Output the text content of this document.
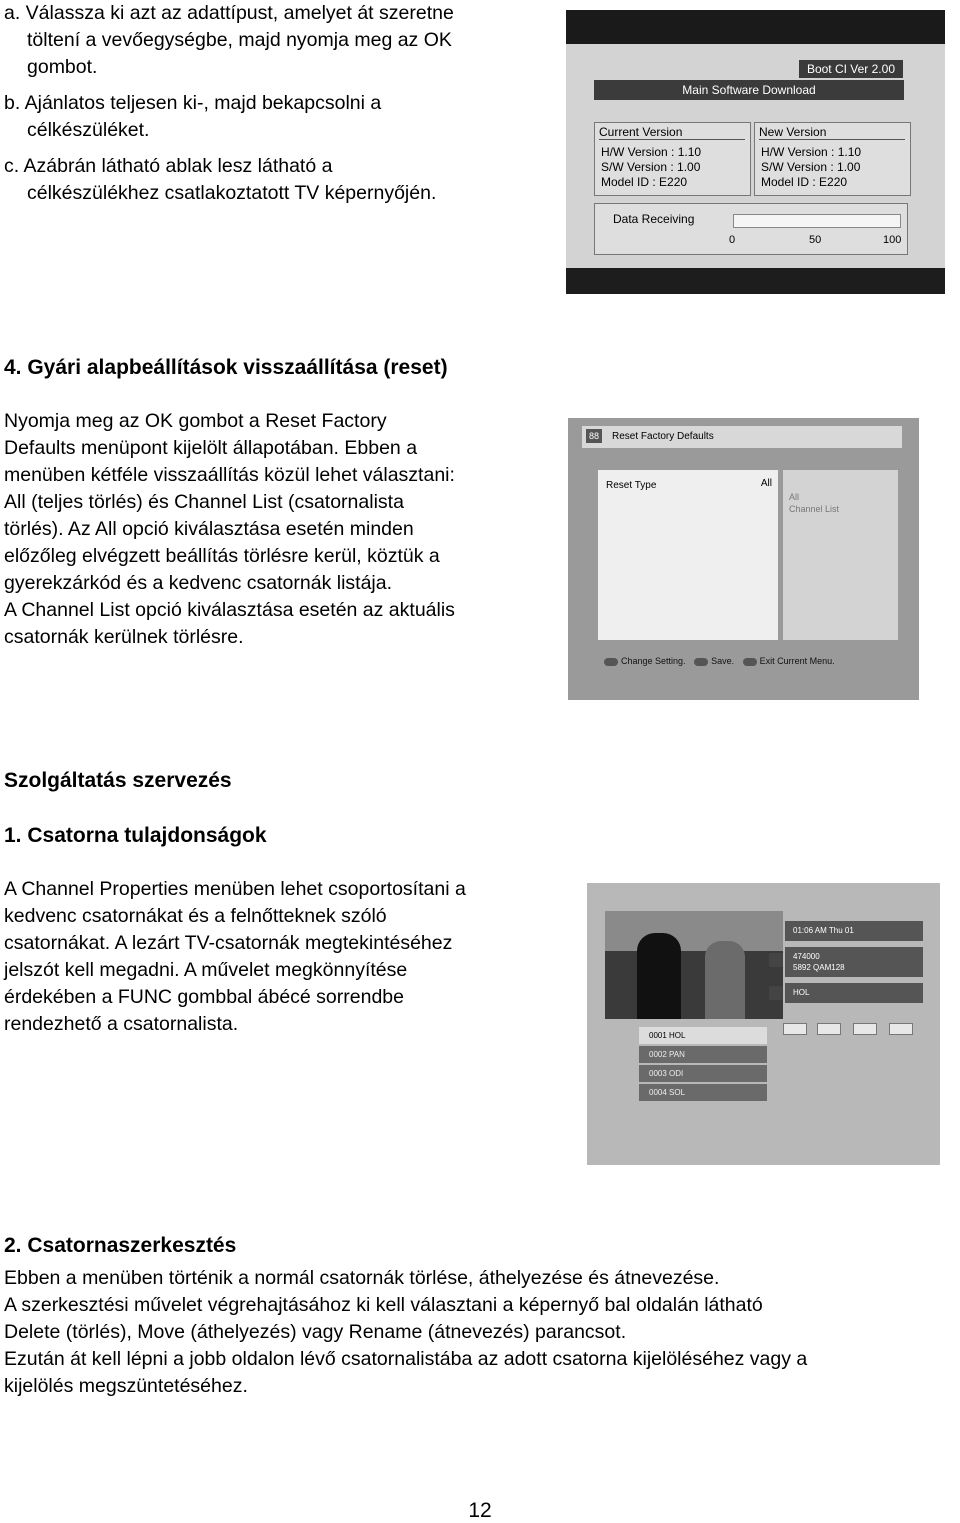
a. Válassza ki azt az adattípust, amelyet át szeretne
töltení a vevőegységbe, majd nyomja meg az OK
gombot.
b. Ajánlatos teljesen ki-, majd bekapcsolni a
célkészüléket.
c. Azábrán látható ablak lesz látható a
célkészülékhez csatlakoztatott TV képernyőjén.
Boot CI Ver 2.00
Main Software Download
Current Version
H/W Version : 1.10
S/W Version : 1.00
Model ID : E220
New Version
H/W Version : 1.10
S/W Version : 1.00
Model ID : E220
Data Receiving
0	50	100
4. Gyári alapbeállítások visszaállítása (reset)
Nyomja meg az OK gombot a Reset Factory
Defaults menüpont kijelölt állapotában. Ebben a
menüben kétféle visszaállítás közül lehet választani:
All (teljes törlés) és Channel List (csatornalista
törlés). Az All opció kiválasztása esetén minden
előzőleg elvégzett beállítás törlésre kerül, köztük a
gyerekzárkód és a kedvenc csatornák listája.
A Channel List opció kiválasztása esetén az aktuális
csatornák kerülnek törlésre.
88 Reset Factory Defaults
Reset Type	All
All
Channel List
Change Setting.	Save.	Exit Current Menu.
Szolgáltatás szervezés
1. Csatorna tulajdonságok
A Channel Properties menüben lehet csoportosítani a
kedvenc csatornákat és a felnőtteknek szóló
csatornákat. A lezárt TV-csatornák megtekintéséhez
jelszót kell megadni. A művelet megkönnyítése
érdekében a FUNC gombbal ábécé sorrendbe
rendezhető a csatornalista.
01:06 AM Thu 01
474000
5892 QAM128
HOL
0001 HOL
0002 PAN
0003 ODI
0004 SOL
2. Csatornaszerkesztés
Ebben a menüben történik a normál csatornák törlése, áthelyezése és átnevezése.
A szerkesztési művelet végrehajtásához ki kell választani a képernyő bal oldalán látható
Delete (törlés), Move (áthelyezés) vagy Rename (átnevezés) parancsot.
Ezután át kell lépni a jobb oldalon lévő csatornalistába az adott csatorna kijelöléséhez vagy a
kijelölés megszüntetéséhez.
12
